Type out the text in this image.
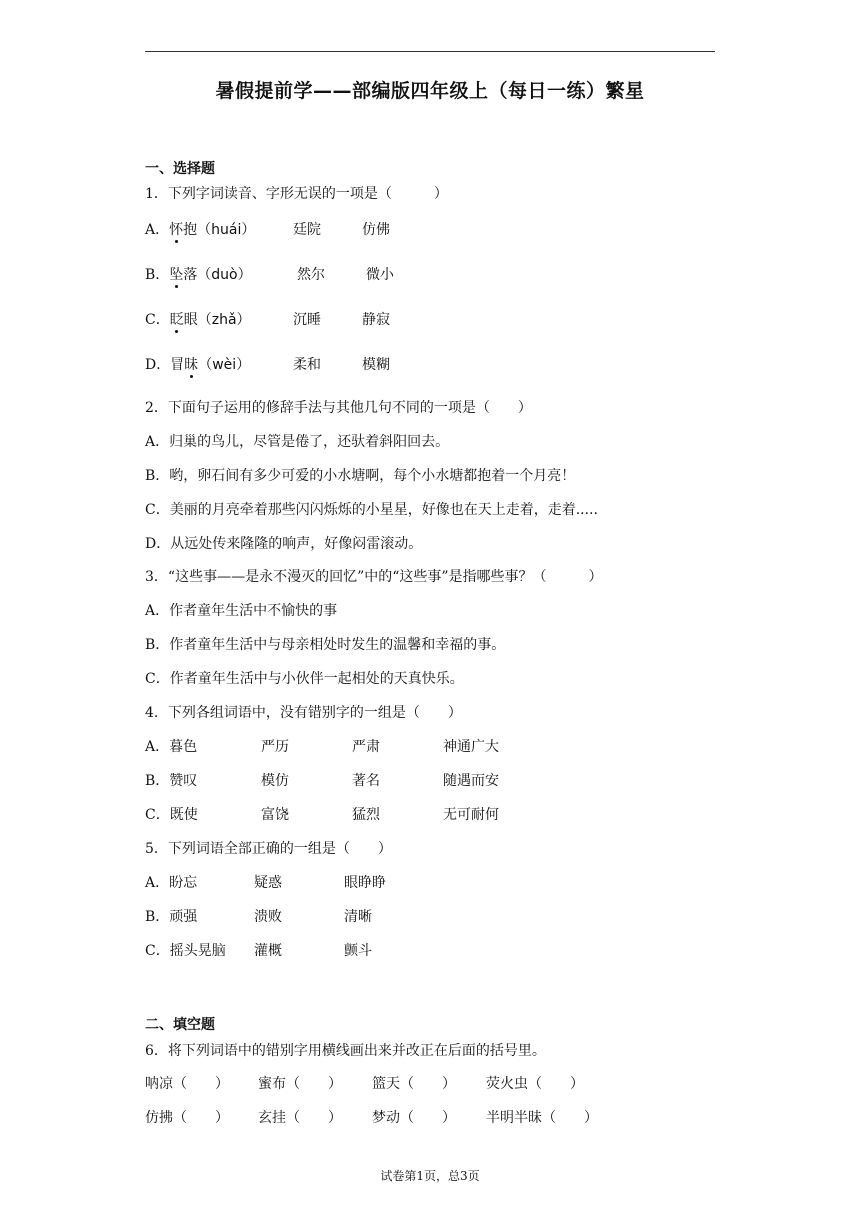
暑假提前学——部编版四年级上（每日一练）繁星
一、选择题
1．下列字词读音、字形无误的一项是（　　　）
A．怀抱（huái）	廷院	仿佛
B．坠落（duò）	然尔	微小
C．眨眼（zhǎ）	沉睡	静寂
D．冒昧（wèi）	柔和	模糊
2．下面句子运用的修辞手法与其他几句不同的一项是（　　）
A．归巢的鸟儿，尽管是倦了，还驮着斜阳回去。
B．哟，卵石间有多少可爱的小水塘啊，每个小水塘都抱着一个月亮！
C．美丽的月亮牵着那些闪闪烁烁的小星星，好像也在天上走着，走着.....
D．从远处传来隆隆的响声，好像闷雷滚动。
3．“这些事——是永不漫灭的回忆”中的“这些事”是指哪些事？（　　　）
A．作者童年生活中不愉快的事
B．作者童年生活中与母亲相处时发生的温馨和幸福的事。
C．作者童年生活中与小伙伴一起相处的天真快乐。
4．下列各组词语中，没有错别字的一组是（　　）
A．暮色	严历	严肃	神通广大
B．赞叹	模仿	著名	随遇而安
C．既使	富饶	猛烈	无可耐何
5．下列词语全部正确的一组是（　　）
A．盼忘	疑惑	眼睁睁
B．顽强	溃败	清晰
C．摇头晃脑 灌概	颤斗
二、填空题
6．将下列词语中的错别字用横线画出来并改正在后面的括号里。
呐凉（　　） 蜜布（　　） 篮天（　　） 荧火虫（　　）
仿拂（　　） 玄挂（　　） 梦动（　　） 半明半昧（　　）
试卷第1页，总3页
